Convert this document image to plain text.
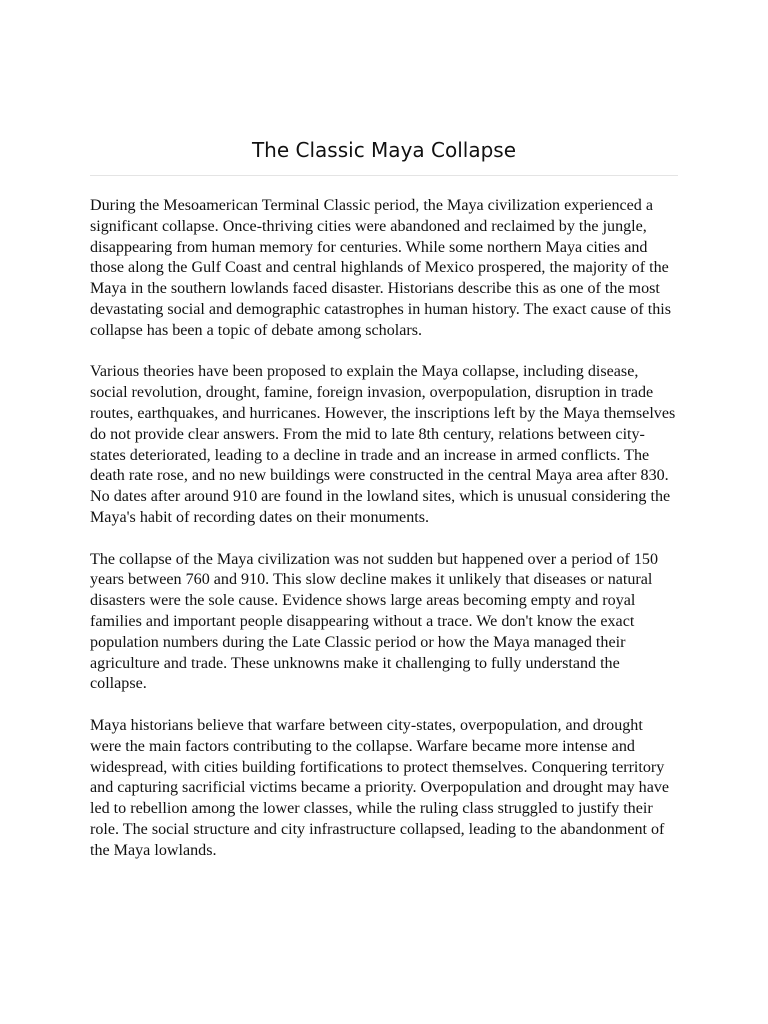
The Classic Maya Collapse

During the Mesoamerican Terminal Classic period, the Maya civilization experienced a significant collapse. Once-thriving cities were abandoned and reclaimed by the jungle, disappearing from human memory for centuries. While some northern Maya cities and those along the Gulf Coast and central highlands of Mexico prospered, the majority of the Maya in the southern lowlands faced disaster. Historians describe this as one of the most devastating social and demographic catastrophes in human history. The exact cause of this collapse has been a topic of debate among scholars.

Various theories have been proposed to explain the Maya collapse, including disease, social revolution, drought, famine, foreign invasion, overpopulation, disruption in trade routes, earthquakes, and hurricanes. However, the inscriptions left by the Maya themselves do not provide clear answers. From the mid to late 8th century, relations between city-states deteriorated, leading to a decline in trade and an increase in armed conflicts. The death rate rose, and no new buildings were constructed in the central Maya area after 830. No dates after around 910 are found in the lowland sites, which is unusual considering the Maya's habit of recording dates on their monuments.

The collapse of the Maya civilization was not sudden but happened over a period of 150 years between 760 and 910. This slow decline makes it unlikely that diseases or natural disasters were the sole cause. Evidence shows large areas becoming empty and royal families and important people disappearing without a trace. We don't know the exact population numbers during the Late Classic period or how the Maya managed their agriculture and trade. These unknowns make it challenging to fully understand the collapse.

Maya historians believe that warfare between city-states, overpopulation, and drought were the main factors contributing to the collapse. Warfare became more intense and widespread, with cities building fortifications to protect themselves. Conquering territory and capturing sacrificial victims became a priority. Overpopulation and drought may have led to rebellion among the lower classes, while the ruling class struggled to justify their role. The social structure and city infrastructure collapsed, leading to the abandonment of the Maya lowlands.
